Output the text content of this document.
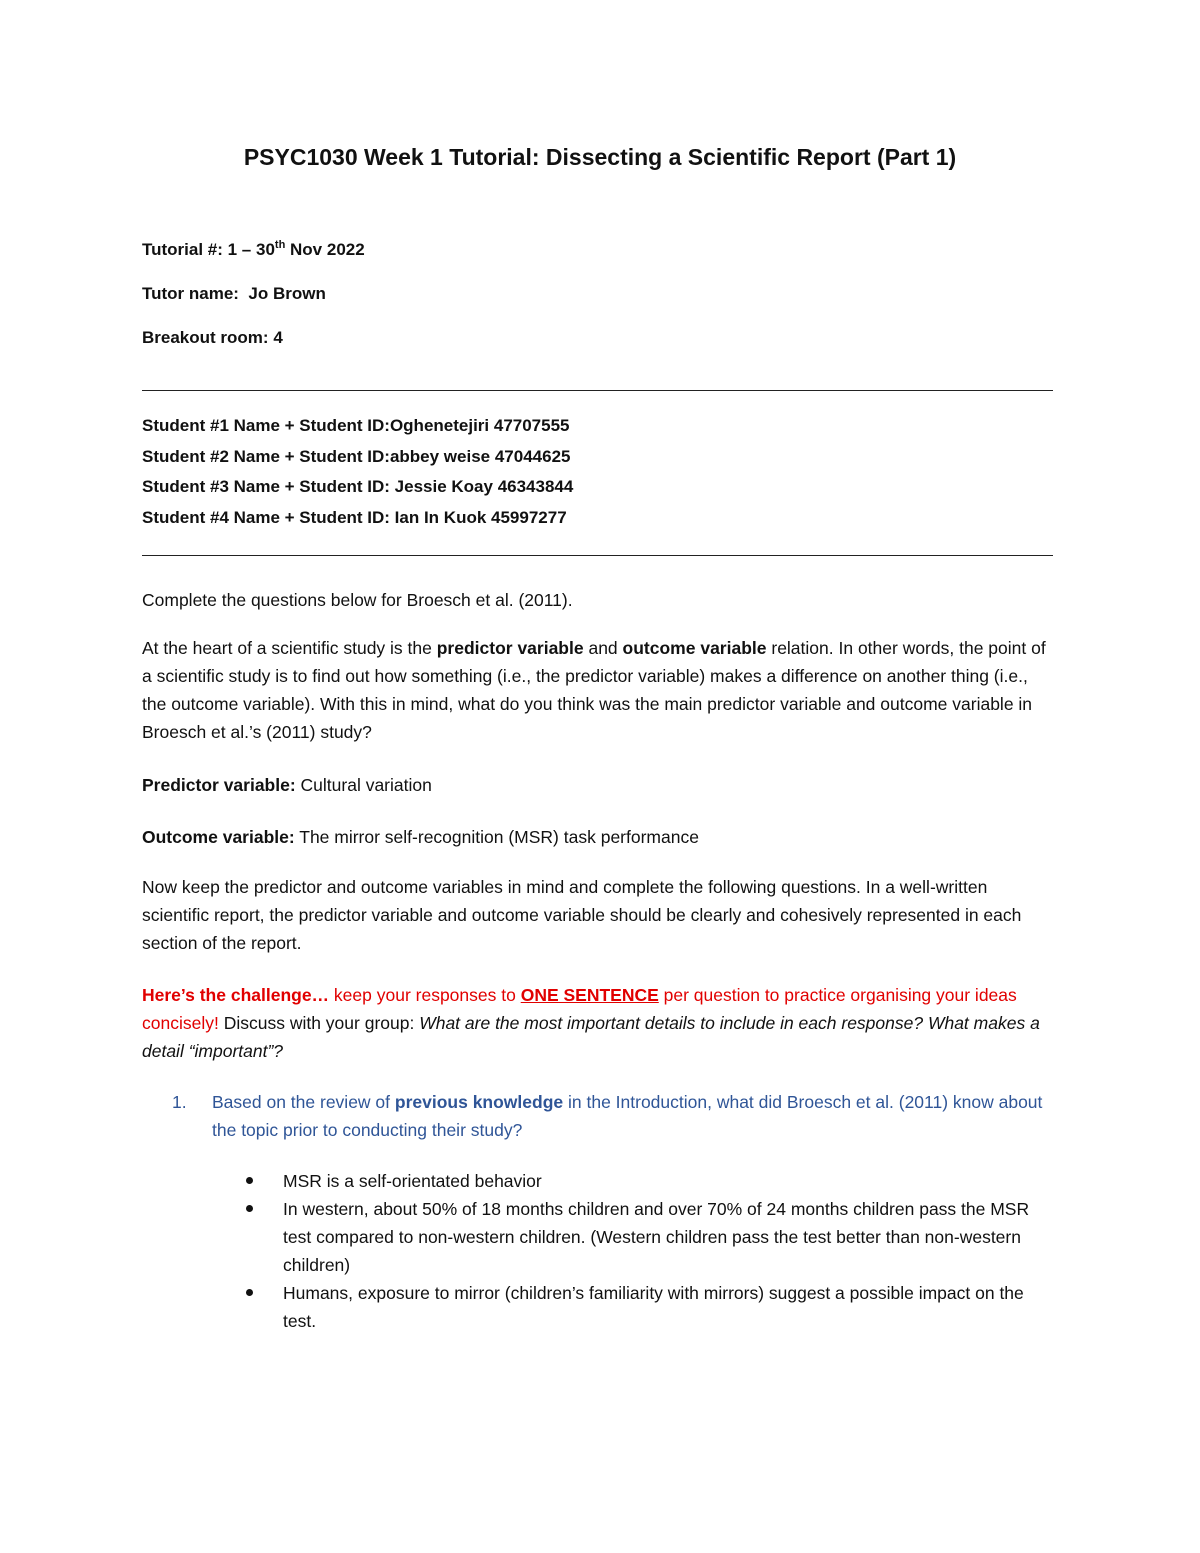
PSYC1030 Week 1 Tutorial: Dissecting a Scientific Report (Part 1)
Tutorial #: 1 – 30th Nov 2022
Tutor name: Jo Brown
Breakout room: 4
Student #1 Name + Student ID:Oghenetejiri 47707555
Student #2 Name + Student ID:abbey weise 47044625
Student #3 Name + Student ID: Jessie Koay 46343844
Student #4 Name + Student ID: Ian In Kuok 45997277

Complete the questions below for Broesch et al. (2011).

At the heart of a scientific study is the predictor variable and outcome variable relation. In other words, the point of a scientific study is to find out how something (i.e., the predictor variable) makes a difference on another thing (i.e., the outcome variable). With this in mind, what do you think was the main predictor variable and outcome variable in Broesch et al.’s (2011) study?

Predictor variable: Cultural variation

Outcome variable: The mirror self-recognition (MSR) task performance

Now keep the predictor and outcome variables in mind and complete the following questions. In a well-written scientific report, the predictor variable and outcome variable should be clearly and cohesively represented in each section of the report.

Here’s the challenge… keep your responses to ONE SENTENCE per question to practice organising your ideas concisely! Discuss with your group: What are the most important details to include in each response? What makes a detail “important”?

1.	Based on the review of previous knowledge in the Introduction, what did Broesch et al. (2011) know about the topic prior to conducting their study?
MSR is a self-orientated behavior
In western, about 50% of 18 months children and over 70% of 24 months children pass the MSR test compared to non-western children. (Western children pass the test better than non-western children)
Humans, exposure to mirror (children’s familiarity with mirrors) suggest a possible impact on the test.
